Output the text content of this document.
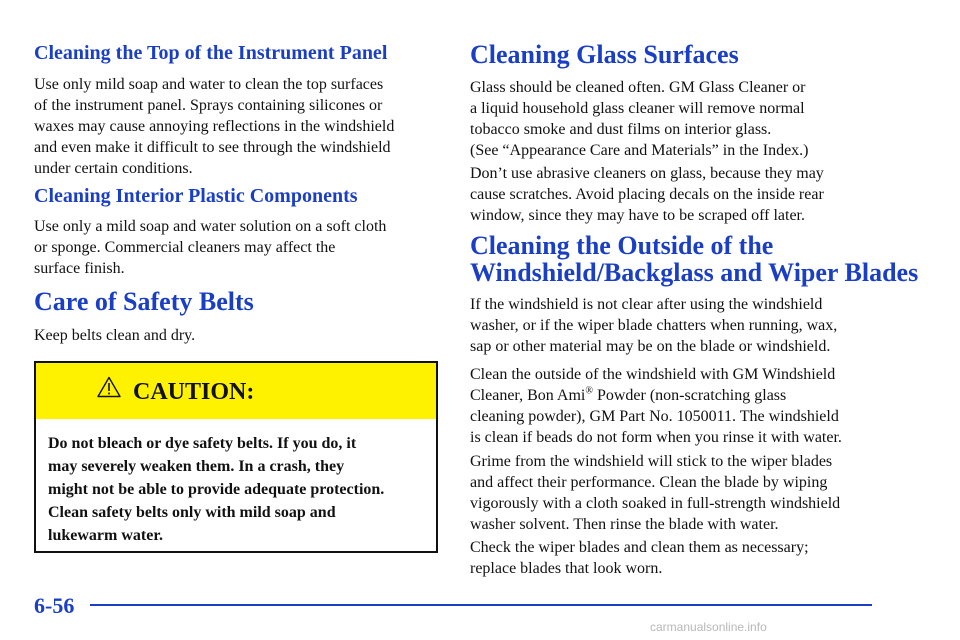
Cleaning the Top of the Instrument Panel
Use only mild soap and water to clean the top surfaces
of the instrument panel. Sprays containing silicones or
waxes may cause annoying reflections in the windshield
and even make it difficult to see through the windshield
under certain conditions.
Cleaning Interior Plastic Components
Use only a mild soap and water solution on a soft cloth
or sponge. Commercial cleaners may affect the
surface finish.
Care of Safety Belts
Keep belts clean and dry.
CAUTION:
Do not bleach or dye safety belts. If you do, it
may severely weaken them. In a crash, they
might not be able to provide adequate protection.
Clean safety belts only with mild soap and
lukewarm water.
Cleaning Glass Surfaces
Glass should be cleaned often. GM Glass Cleaner or
a liquid household glass cleaner will remove normal
tobacco smoke and dust films on interior glass.
(See “Appearance Care and Materials” in the Index.)
Don’t use abrasive cleaners on glass, because they may
cause scratches. Avoid placing decals on the inside rear
window, since they may have to be scraped off later.
Cleaning the Outside of the
Windshield/Backglass and Wiper Blades
If the windshield is not clear after using the windshield
washer, or if the wiper blade chatters when running, wax,
sap or other material may be on the blade or windshield.
Clean the outside of the windshield with GM Windshield
Cleaner, Bon Ami® Powder (non-scratching glass
cleaning powder), GM Part No. 1050011. The windshield
is clean if beads do not form when you rinse it with water.
Grime from the windshield will stick to the wiper blades
and affect their performance. Clean the blade by wiping
vigorously with a cloth soaked in full-strength windshield
washer solvent. Then rinse the blade with water.
Check the wiper blades and clean them as necessary;
replace blades that look worn.
6-56
carmanualsonline.info
